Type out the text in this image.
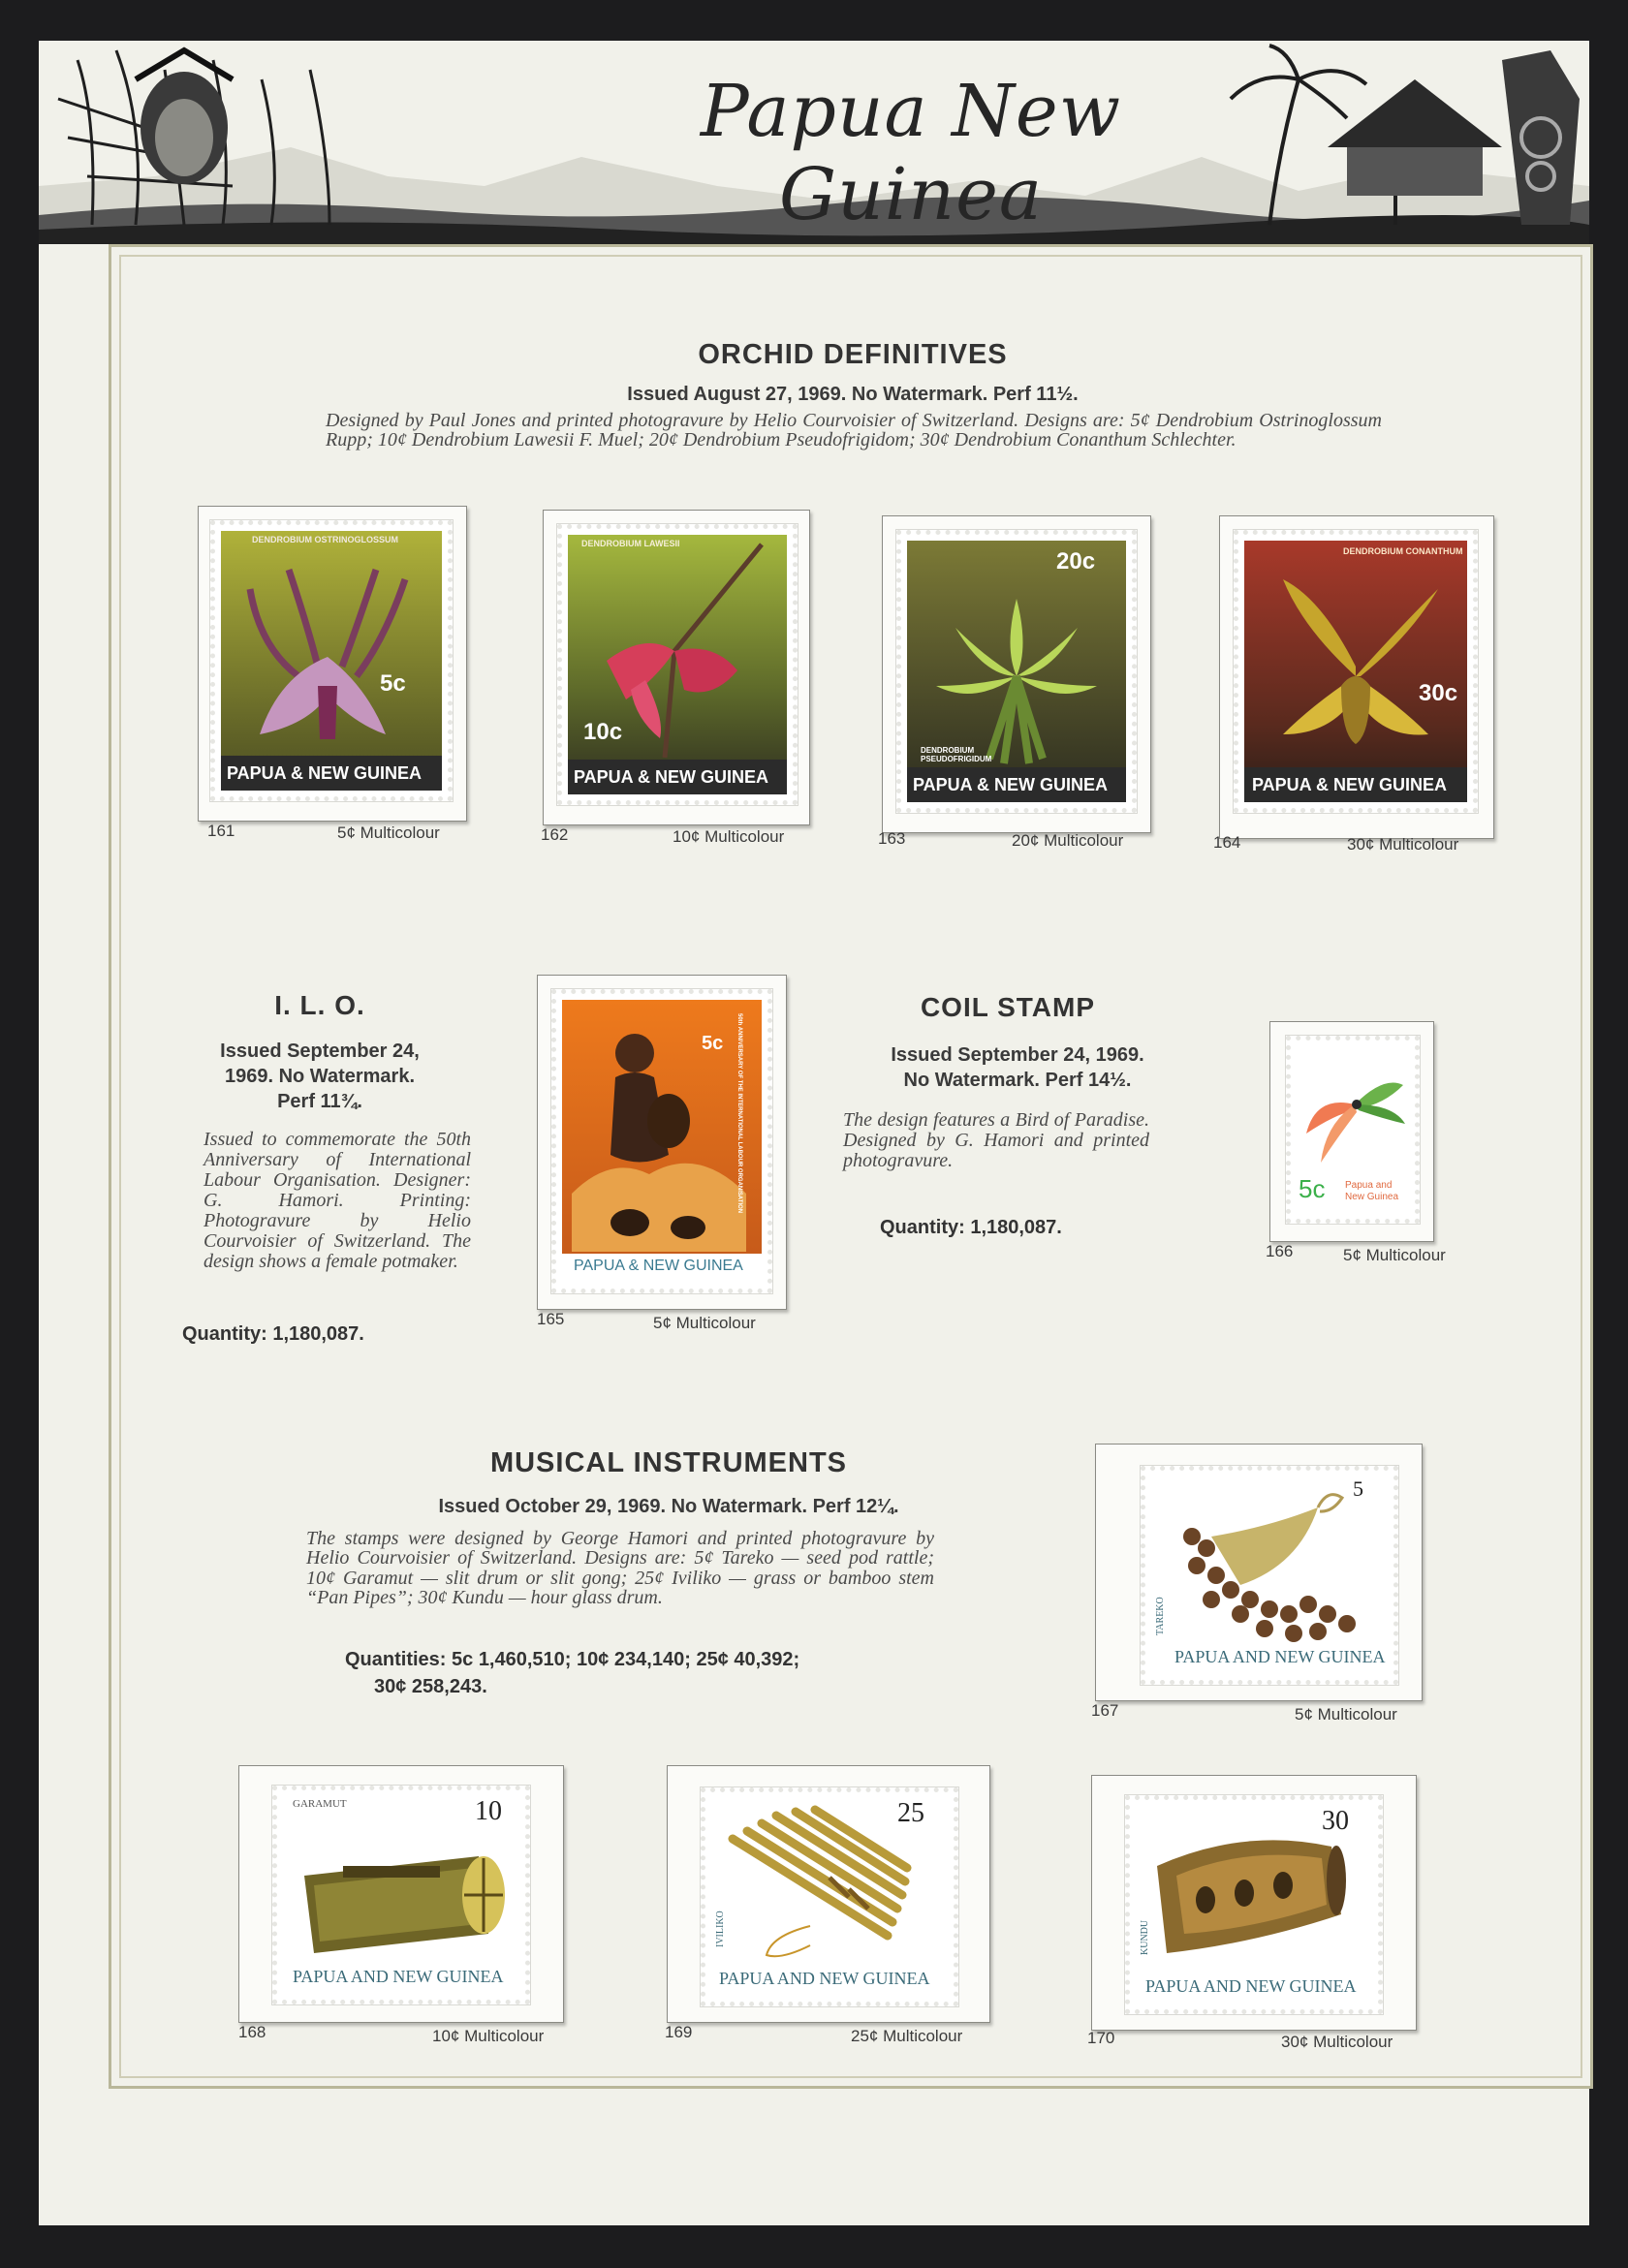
Papua New Guinea
ORCHID DEFINITIVES
Issued August 27, 1969. No Watermark. Perf 11½.
Designed by Paul Jones and printed photogravure by Helio Courvoisier of Switzerland. Designs are: 5¢ Dendrobium Ostrinoglossum Rupp; 10¢ Dendrobium Lawesii F. Muel; 20¢ Dendrobium Pseudofrigidom; 30¢ Dendrobium Conanthum Schlechter.
DENDROBIUM OSTRINOGLOSSUM
5c
PAPUA & NEW GUINEA
161	5¢ Multicolour
DENDROBIUM LAWESII
10c
PAPUA & NEW GUINEA
162	10¢ Multicolour
20c
DENDROBIUM PSEUDOFRIGIDUM
PAPUA & NEW GUINEA
163	20¢ Multicolour
DENDROBIUM CONANTHUM
30c
PAPUA & NEW GUINEA
164	30¢ Multicolour
I. L. O.
Issued September 24,
1969. No Watermark.
Perf 11¾.
Issued to commemorate the 50th Anniversary of International Labour Organisation. Designer: G. Hamori. Printing: Photogravure by Helio Courvoisier of Switzerland. The design shows a female potmaker.
Quantity: 1,180,087.
5c 50th ANNIVERSARY OF THE INTERNATIONAL LABOUR ORGANISATION
PAPUA & NEW GUINEA
165	5¢ Multicolour
COIL STAMP
Issued September 24, 1969.
No Watermark. Perf 14½.
The design features a Bird of Paradise. Designed by G. Hamori and printed photogravure.
Quantity: 1,180,087.
5c Papua and
New Guinea
166	5¢ Multicolour
MUSICAL INSTRUMENTS
Issued October 29, 1969. No Watermark. Perf 12¼.
The stamps were designed by George Hamori and printed photogravure by Helio Courvoisier of Switzerland. Designs are: 5¢ Tareko — seed pod rattle; 10¢ Garamut — slit drum or slit gong; 25¢ Iviliko — grass or bamboo stem “Pan Pipes”; 30¢ Kundu — hour glass drum.
Quantities: 5c 1,460,510; 10¢ 234,140; 25¢ 40,392;
30¢ 258,243.
5
TAREKO
PAPUA AND NEW GUINEA
167	5¢ Multicolour
GARAMUT	10
PAPUA AND NEW GUINEA
168	10¢ Multicolour
25
IVILIKO
PAPUA AND NEW GUINEA
169	25¢ Multicolour
30
KUNDU
PAPUA AND NEW GUINEA
170	30¢ Multicolour
